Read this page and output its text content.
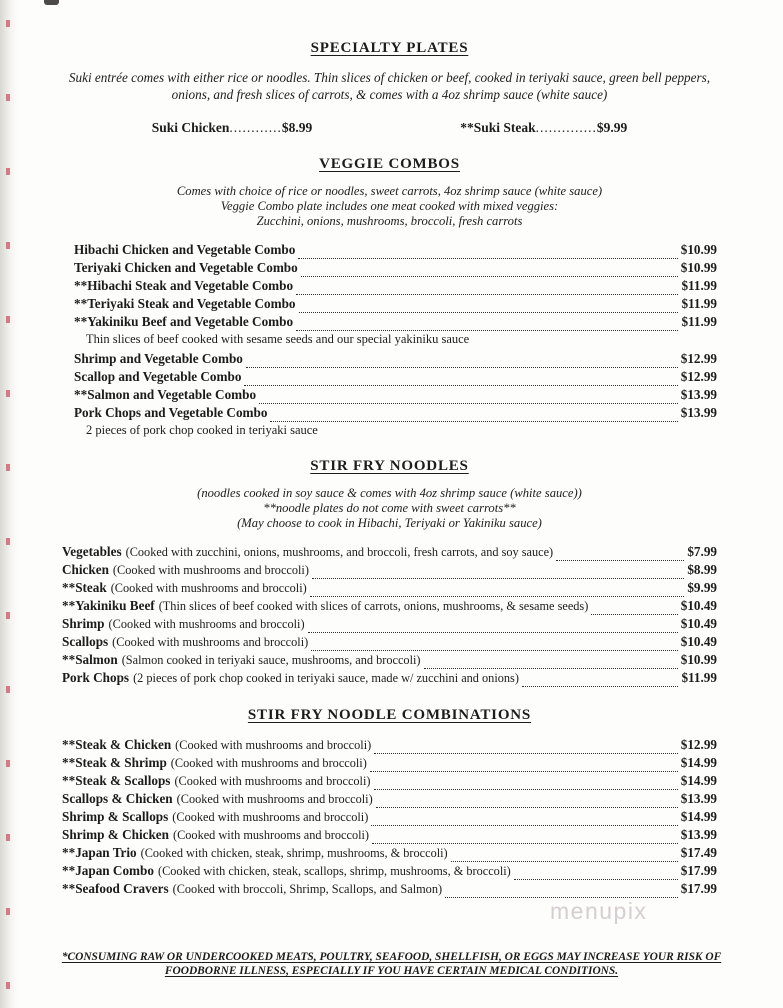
SPECIALTY PLATES
Suki entrée comes with either rice or noodles. Thin slices of chicken or beef, cooked in teriyaki sauce, green bell peppers, onions, and fresh slices of carrots, & comes with a 4oz shrimp sauce (white sauce)
Suki Chicken ............ $8.99	**Suki Steak .............. $9.99
VEGGIE COMBOS
Comes with choice of rice or noodles, sweet carrots, 4oz shrimp sauce (white sauce)
Veggie Combo plate includes one meat cooked with mixed veggies:
Zucchini, onions, mushrooms, broccoli, fresh carrots
Hibachi Chicken and Vegetable Combo	$10.99
Teriyaki Chicken and Vegetable Combo	$10.99
**Hibachi Steak and Vegetable Combo	$11.99
**Teriyaki Steak and Vegetable Combo	$11.99
**Yakiniku Beef and Vegetable Combo	$11.99
Thin slices of beef cooked with sesame seeds and our special yakiniku sauce
Shrimp and Vegetable Combo	$12.99
Scallop and Vegetable Combo	$12.99
**Salmon and Vegetable Combo	$13.99
Pork Chops and Vegetable Combo	$13.99
2 pieces of pork chop cooked in teriyaki sauce
STIR FRY NOODLES
(noodles cooked in soy sauce & comes with 4oz shrimp sauce (white sauce))
**noodle plates do not come with sweet carrots**
(May choose to cook in Hibachi, Teriyaki or Yakiniku sauce)
Vegetables (Cooked with zucchini, onions, mushrooms, and broccoli, fresh carrots, and soy sauce)	$7.99
Chicken (Cooked with mushrooms and broccoli)	$8.99
**Steak (Cooked with mushrooms and broccoli)	$9.99
**Yakiniku Beef (Thin slices of beef cooked with slices of carrots, onions, mushrooms, & sesame seeds)	$10.49
Shrimp (Cooked with mushrooms and broccoli)	$10.49
Scallops (Cooked with mushrooms and broccoli)	$10.49
**Salmon (Salmon cooked in teriyaki sauce, mushrooms, and broccoli)	$10.99
Pork Chops (2 pieces of pork chop cooked in teriyaki sauce, made w/ zucchini and onions)	$11.99
STIR FRY NOODLE COMBINATIONS
**Steak & Chicken (Cooked with mushrooms and broccoli)	$12.99
**Steak & Shrimp (Cooked with mushrooms and broccoli)	$14.99
**Steak & Scallops (Cooked with mushrooms and broccoli)	$14.99
Scallops & Chicken (Cooked with mushrooms and broccoli)	$13.99
Shrimp & Scallops (Cooked with mushrooms and broccoli)	$14.99
Shrimp & Chicken (Cooked with mushrooms and broccoli)	$13.99
**Japan Trio (Cooked with chicken, steak, shrimp, mushrooms, & broccoli)	$17.49
**Japan Combo (Cooked with chicken, steak, scallops, shrimp, mushrooms, & broccoli)	$17.99
**Seafood Cravers (Cooked with broccoli, Shrimp, Scallops, and Salmon)	$17.99
menupix
*CONSUMING RAW OR UNDERCOOKED MEATS, POULTRY, SEAFOOD, SHELLFISH, OR EGGS MAY INCREASE YOUR RISK OF
FOODBORNE ILLNESS, ESPECIALLY IF YOU HAVE CERTAIN MEDICAL CONDITIONS.
